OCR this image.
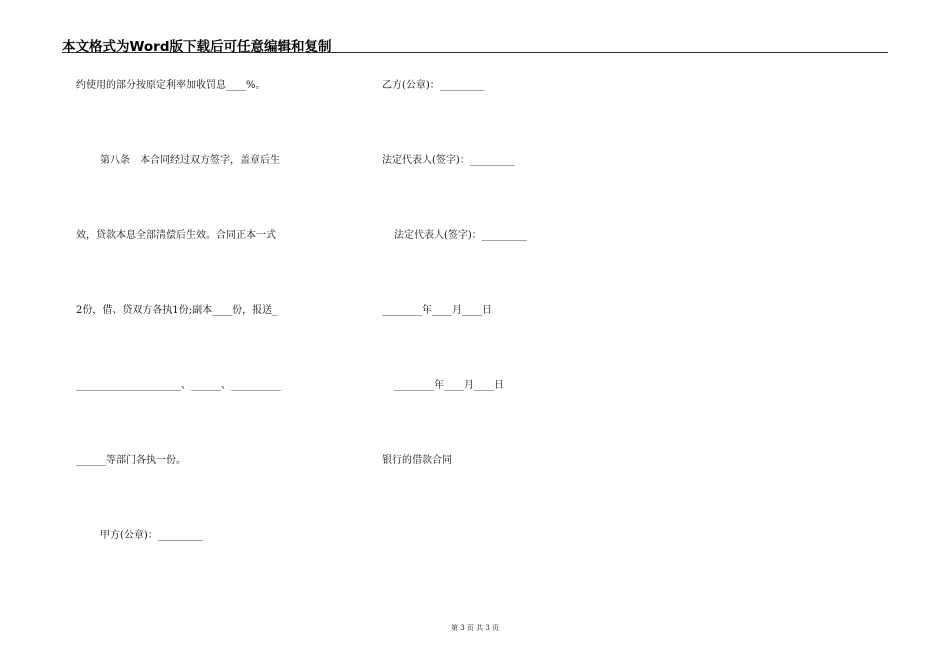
本文格式为Word版下载后可任意编辑和复制
约使用的部分按原定利率加收罚息____%。
第八条　本合同经过双方签字，盖章后生
效，贷款本息全部清偿后生效。合同正本一式
2份，借、贷双方各执1份;副本____份，报送_
_____________________、______、__________
______等部门各执一份。
甲方(公章)：_________
乙方(公章)：_________
法定代表人(签字)：_________
法定代表人(签字)：_________
________年____月____日
________年____月____日
银行的借款合同
第 3 页 共 3 页
